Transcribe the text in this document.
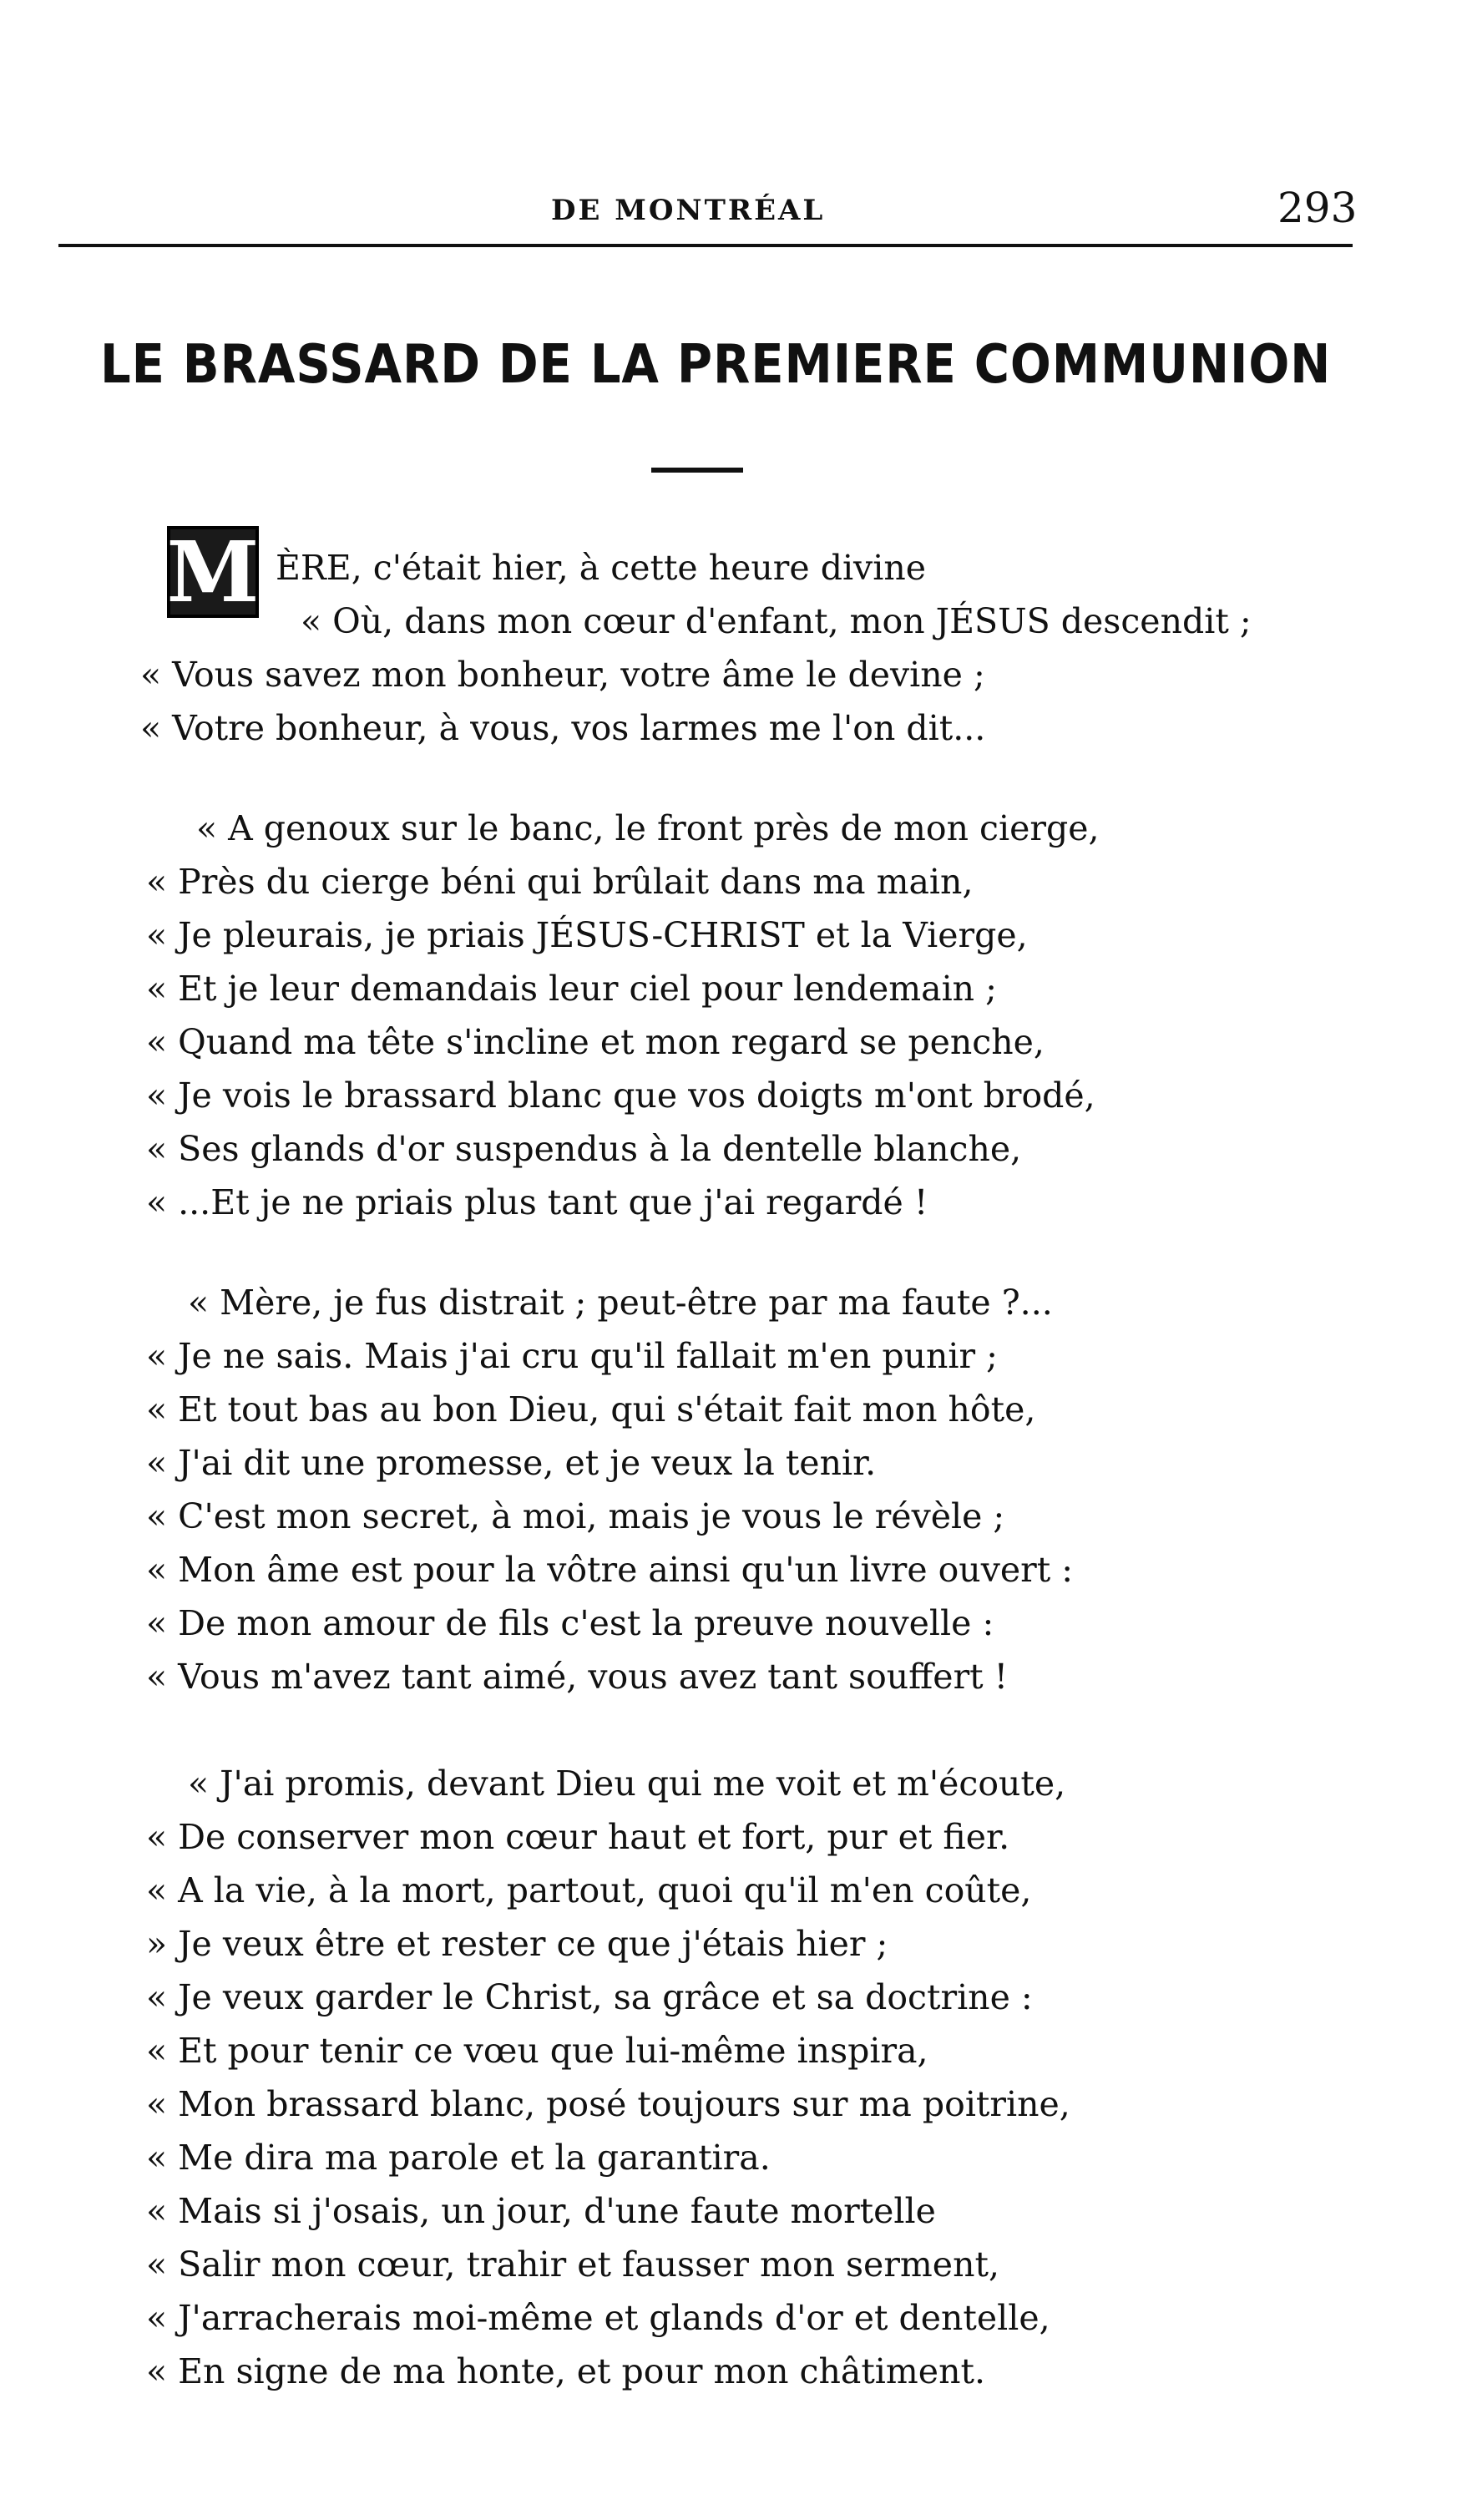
DE MONTRÉAL	293
LE BRASSARD DE LA PREMIERE COMMUNION
M ÈRE, c'était hier, à cette heure divine
« Où, dans mon cœur d'enfant, mon JÉSUS descendit ;
« Vous savez mon bonheur, votre âme le devine ;
« Votre bonheur, à vous, vos larmes me l'on dit...
« A genoux sur le banc, le front près de mon cierge,
« Près du cierge béni qui brûlait dans ma main,
« Je pleurais, je priais JÉSUS-CHRIST et la Vierge,
« Et je leur demandais leur ciel pour lendemain ;
« Quand ma tête s'incline et mon regard se penche,
« Je vois le brassard blanc que vos doigts m'ont brodé,
« Ses glands d'or suspendus à la dentelle blanche,
« ...Et je ne priais plus tant que j'ai regardé !
« Mère, je fus distrait ; peut-être par ma faute ?...
« Je ne sais. Mais j'ai cru qu'il fallait m'en punir ;
« Et tout bas au bon Dieu, qui s'était fait mon hôte,
« J'ai dit une promesse, et je veux la tenir.
« C'est mon secret, à moi, mais je vous le révèle ;
« Mon âme est pour la vôtre ainsi qu'un livre ouvert :
« De mon amour de fils c'est la preuve nouvelle :
« Vous m'avez tant aimé, vous avez tant souffert !
« J'ai promis, devant Dieu qui me voit et m'écoute,
« De conserver mon cœur haut et fort, pur et fier.
« A la vie, à la mort, partout, quoi qu'il m'en coûte,
» Je veux être et rester ce que j'étais hier ;
« Je veux garder le Christ, sa grâce et sa doctrine :
« Et pour tenir ce vœu que lui-même inspira,
« Mon brassard blanc, posé toujours sur ma poitrine,
« Me dira ma parole et la garantira.
« Mais si j'osais, un jour, d'une faute mortelle
« Salir mon cœur, trahir et fausser mon serment,
« J'arracherais moi-même et glands d'or et dentelle,
« En signe de ma honte, et pour mon châtiment.
